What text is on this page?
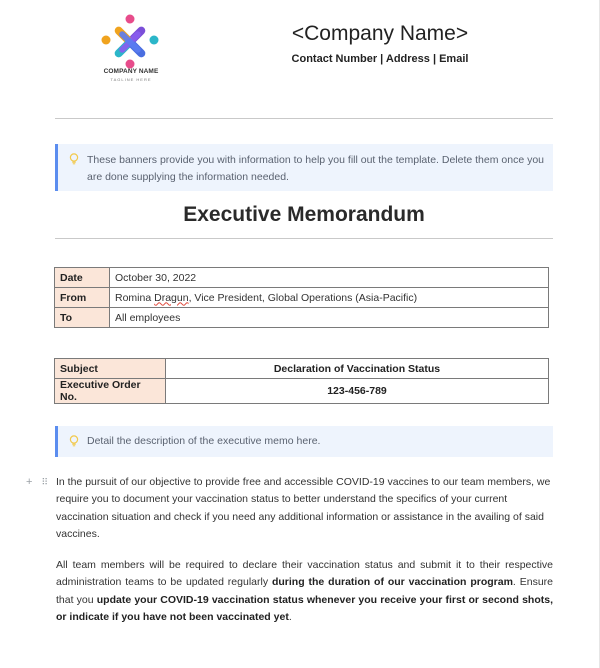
COMPANY NAME
TAGLINE HERE
<Company Name>
Contact Number | Address | Email
These banners provide you with information to help you fill out the template. Delete them once you are done supplying the information needed.
Executive Memorandum
Date	October 30, 2022
From	Romina Dragun, Vice President, Global Operations (Asia-Pacific)
To	All employees
Subject	Declaration of Vaccination Status
Executive Order No.	123-456-789
Detail the description of the executive memo here.
+ ⠿ In the pursuit of our objective to provide free and accessible COVID-19 vaccines to our team members, we require you to document your vaccination status to better understand the specifics of your current vaccination situation and check if you need any additional information or assistance in the availing of said vaccines.
All team members will be required to declare their vaccination status and submit it to their respective administration teams to be updated regularly during the duration of our vaccination program. Ensure that you update your COVID-19 vaccination status whenever you receive your first or second shots, or indicate if you have not been vaccinated yet.
